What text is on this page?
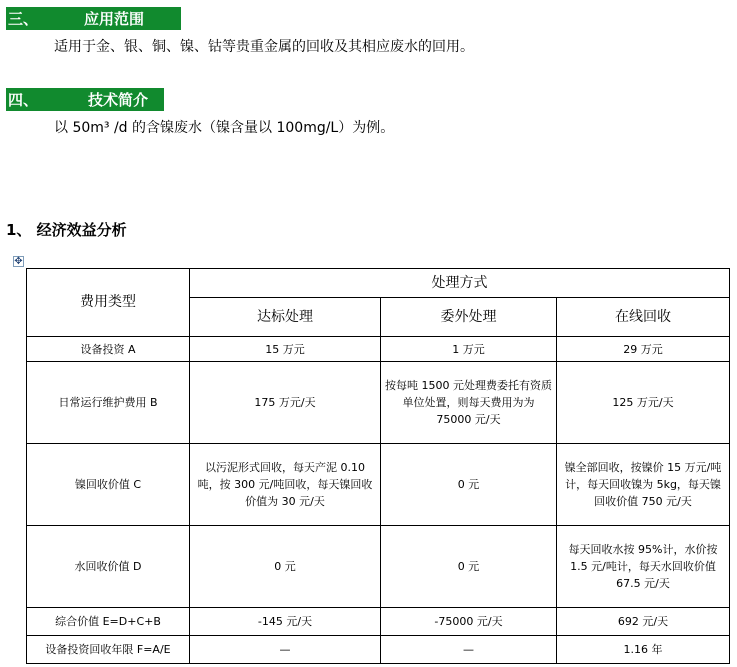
三、	应用范围
适用于金、银、铜、镍、钴等贵重金属的回收及其相应废水的回用。
四、	技术简介
以 50m³ /d 的含镍废水（镍含量以 100mg/L）为例。
1、 经济效益分析
✥
费用类型	处理方式		
	达标处理	委外处理	在线回收
设备投资 A	15 万元	1 万元	29 万元
日常运行维护费用 B	175 万元/天	按每吨 1500 元处理费委托有资质单位处置，则每天费用为为 75000 元/天	125 万元/天
镍回收价值 C	以污泥形式回收，每天产泥 0.10 吨，按 300 元/吨回收，每天镍回收价值为 30 元/天	0 元	镍全部回收，按镍价 15 万元/吨计，每天回收镍为 5kg，每天镍回收价值 750 元/天
水回收价值 D	0 元	0 元	每天回收水按 95%计，水价按 1.5 元/吨计，每天水回收价值 67.5 元/天
综合价值 E=D+C+B	-145 元/天	-75000 元/天	692 元/天
设备投资回收年限 F=A/E	—	—	1.16 年
